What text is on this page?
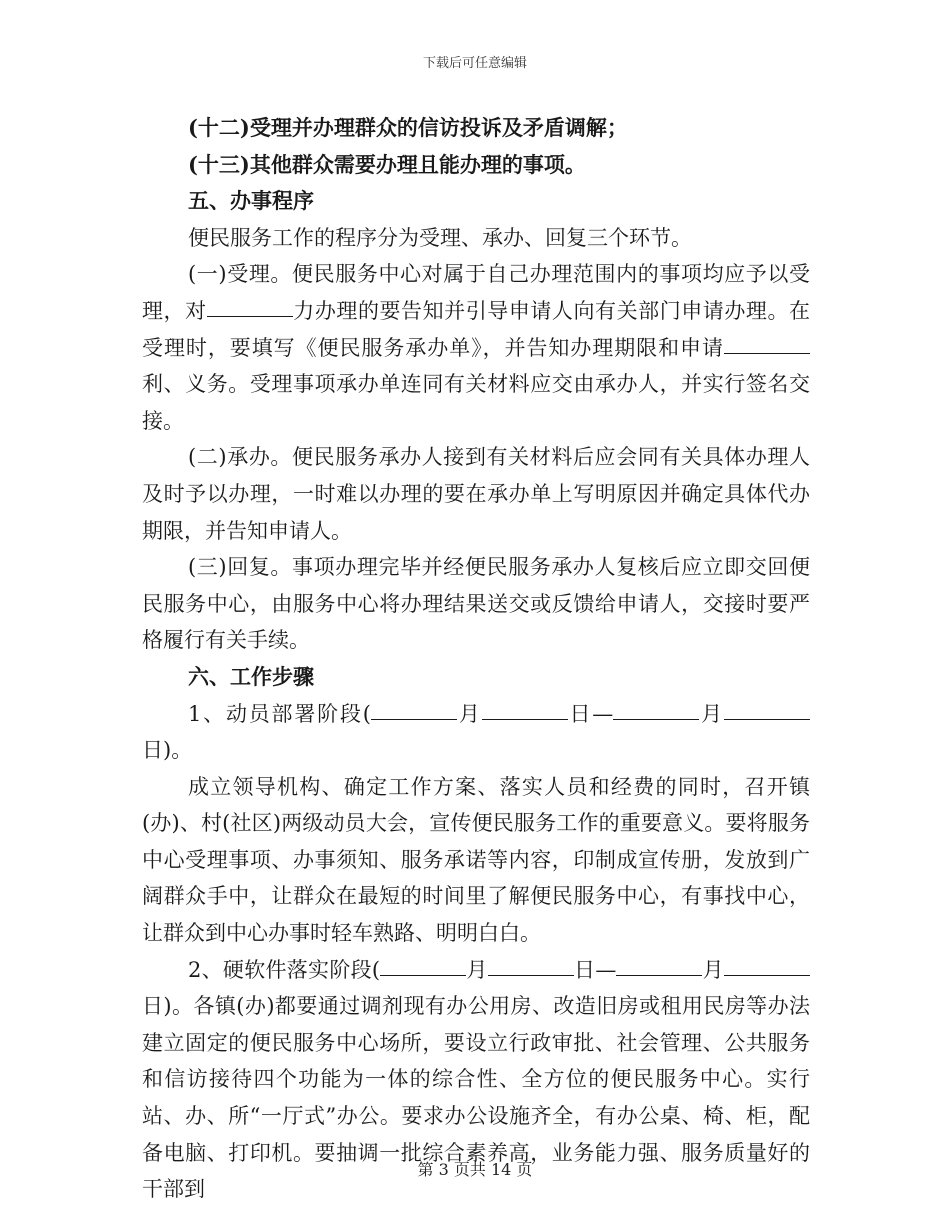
下载后可任意编辑

(十二)受理并办理群众的信访投诉及矛盾调解；

(十三)其他群众需要办理且能办理的事项。

五、办事程序

便民服务工作的程序分为受理、承办、回复三个环节。

(一)受理。便民服务中心对属于自己办理范围内的事项均应予以受理，对	力办理的要告知并引导申请人向有关部门申请办理。在受理时，要填写《便民服务承办单》，并告知办理期限和申请      利、义务。受理事项承办单连同有关材料应交由承办人，并实行签名交接。

(二)承办。便民服务承办人接到有关材料后应会同有关具体办理人及时予以办理，一时难以办理的要在承办单上写明原因并确定具体代办期限，并告知申请人。

(三)回复。事项办理完毕并经便民服务承办人复核后应立即交回便民服务中心，由服务中心将办理结果送交或反馈给申请人，交接时要严格履行有关手续。

六、工作步骤

1、动员部署阶段(	月	日—	月      日)。

成立领导机构、确定工作方案、落实人员和经费的同时，召开镇(办)、村(社区)两级动员大会，宣传便民服务工作的重要意义。要将服务中心受理事项、办事须知、服务承诺等内容，印制成宣传册，发放到广阔群众手中，让群众在最短的时间里了解便民服务中心，有事找中心，让群众到中心办事时轻车熟路、明明白白。

2、硬软件落实阶段(	月	日—	月      日)。各镇(办)都要通过调剂现有办公用房、改造旧房或租用民房等办法建立固定的便民服务中心场所，要设立行政审批、社会管理、公共服务和信访接待四个功能为一体的综合性、全方位的便民服务中心。实行站、办、所“一厅式”办公。要求办公设施齐全，有办公桌、椅、柜，配备电脑、打印机。要抽调一批综合素养高，业务能力强、服务质量好的干部到

第 3 页共 14 页
